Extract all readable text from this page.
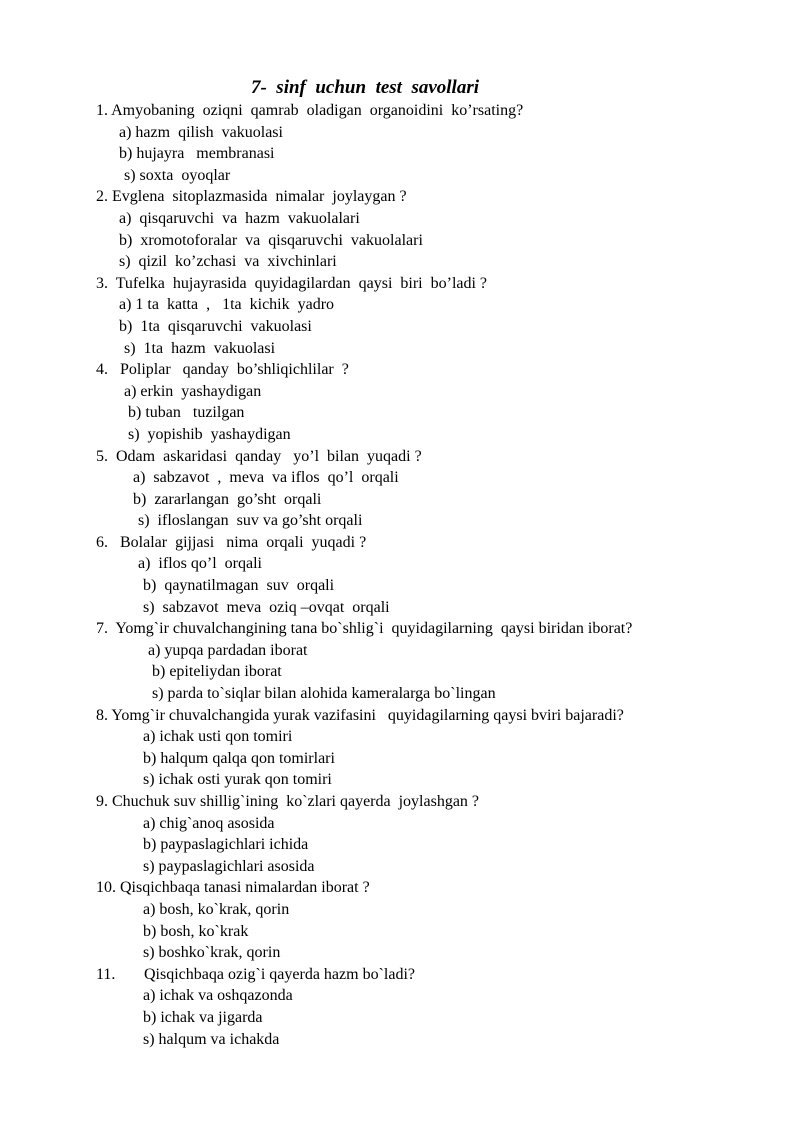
7-  sinf  uchun  test  savollari
1. Amyobaning  oziqni  qamrab  oladigan  organoidini  ko’rsating?
a) hazm  qilish  vakuolasi
b) hujayra   membranasi
s) soxta  oyoqlar
2. Evglena  sitoplazmasida  nimalar  joylaygan ?
a)  qisqaruvchi  va  hazm  vakuolalari
b)  xromotoforalar  va  qisqaruvchi  vakuolalari
s)  qizil  ko’zchasi  va  xivchinlari
3.  Tufelka  hujayrasida  quyidagilardan  qaysi  biri  bo’ladi ?
a) 1 ta  katta  ,   1ta  kichik  yadro
b)  1ta  qisqaruvchi  vakuolasi
s)  1ta  hazm  vakuolasi
4.   Poliplar   qanday  bo’shliqichlilar  ?
a) erkin  yashaydigan
b) tuban   tuzilgan
s)  yopishib  yashaydigan
5.  Odam  askaridasi  qanday   yo’l  bilan  yuqadi ?
a)  sabzavot  ,  meva  va iflos  qo’l  orqali
b)  zararlangan  go’sht  orqali
s)  ifloslangan  suv va go’sht orqali
6.   Bolalar  gijjasi   nima  orqali  yuqadi ?
a)  iflos qo’l  orqali
b)  qaynatilmagan  suv  orqali
s)  sabzavot  meva  oziq –ovqat  orqali
7.  Yomg`ir chuvalchangining tana bo`shlig`i  quyidagilarning  qaysi biridan iborat?
a) yupqa pardadan iborat
b) epiteliydan iborat
s) parda to`siqlar bilan alohida kameralarga bo`lingan
8. Yomg`ir chuvalchangida yurak vazifasini   quyidagilarning qaysi bviri bajaradi?
a) ichak usti qon tomiri
b) halqum qalqa qon tomirlari
s) ichak osti yurak qon tomiri
9. Chuchuk suv shillig`ining  ko`zlari qayerda  joylashgan ?
a) chig`anoq asosida
b) paypaslagichlari ichida
s) paypaslagichlari asosida
10. Qisqichbaqa tanasi nimalardan iborat ?
a) bosh, ko`krak, qorin
b) bosh, ko`krak
s) boshko`krak, qorin
11.	Qisqichbaqa ozig`i qayerda hazm bo`ladi?
a) ichak va oshqazonda
b) ichak va jigarda
s) halqum va ichakda
